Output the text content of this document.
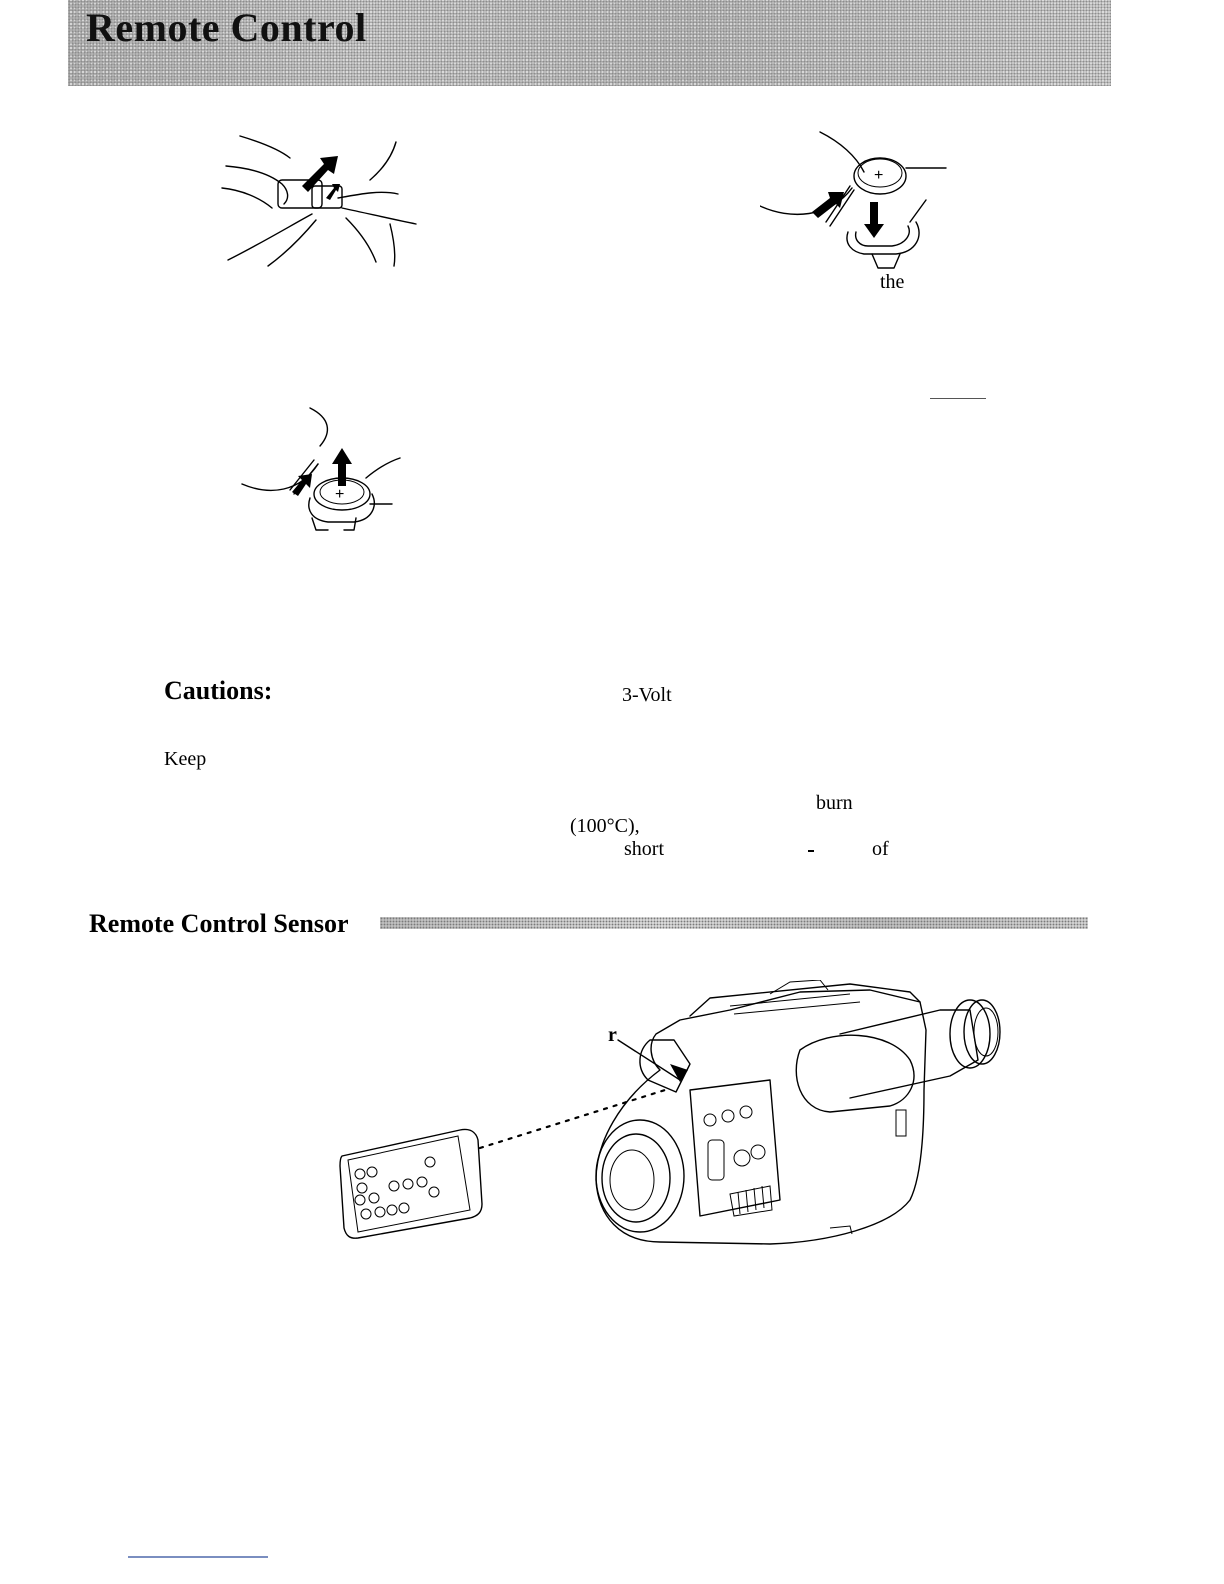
Remote Control
+
the
+
Cautions:	3-Volt
Keep
burn
(100°C),
short	of
Remote Control Sensor
r
